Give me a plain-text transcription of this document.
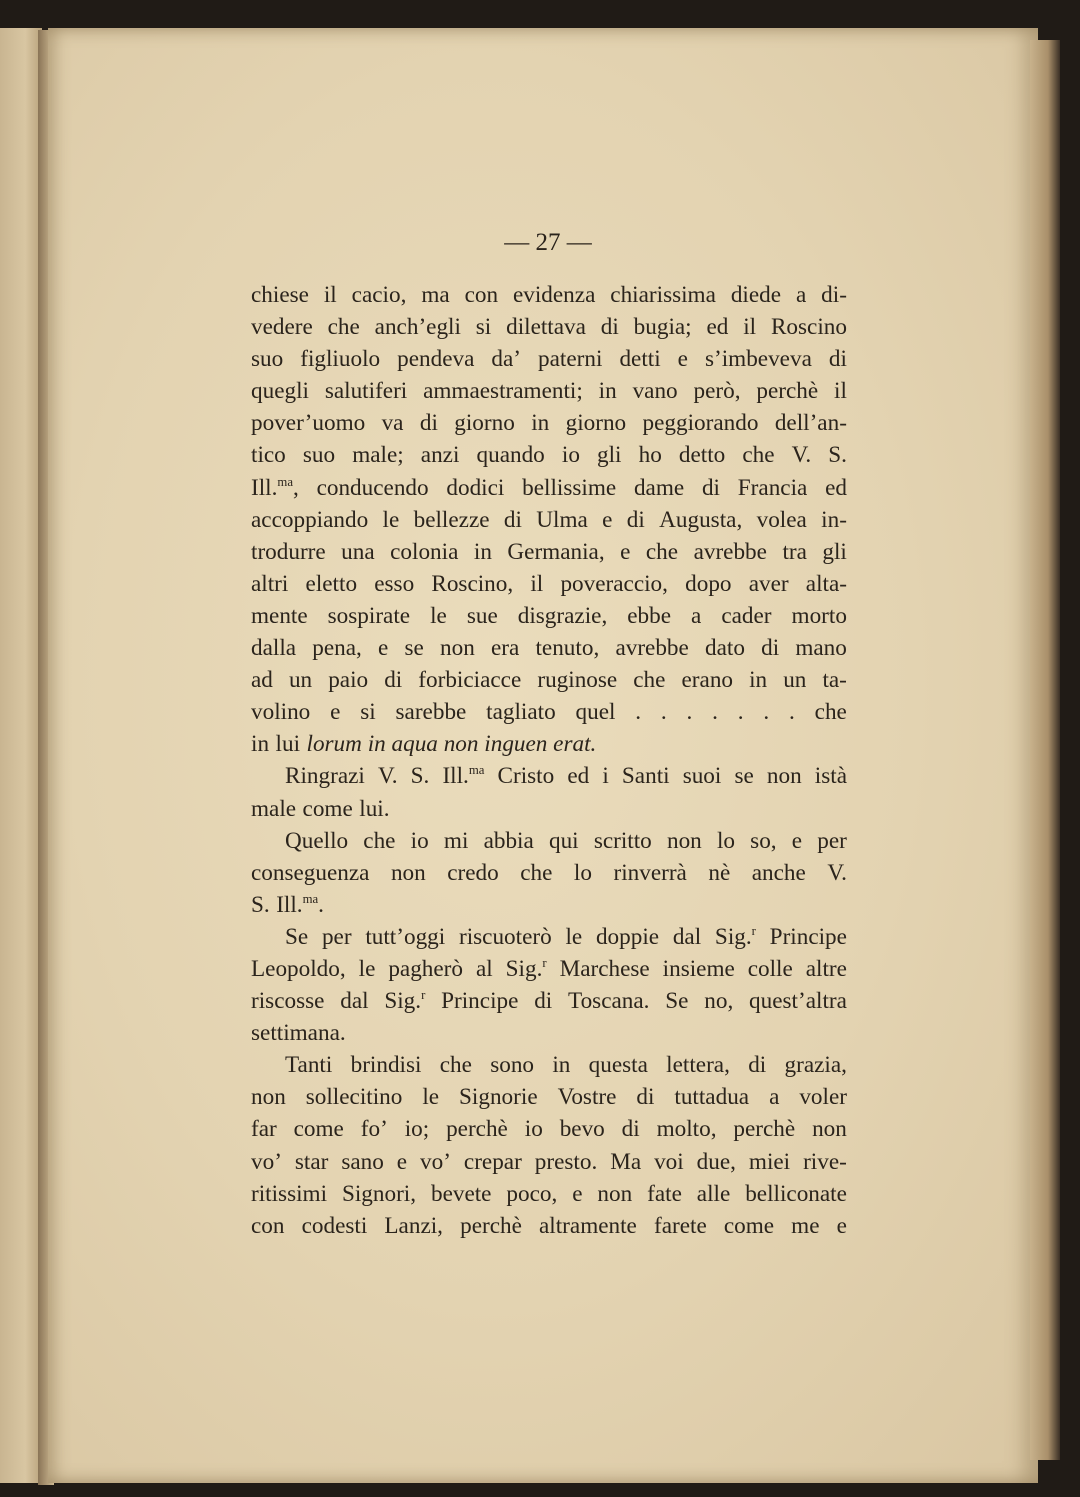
— 27 —
chiese il cacio, ma con evidenza chiarissima diede a di-
vedere che anch’egli si dilettava di bugia; ed il Roscino
suo figliuolo pendeva da’ paterni detti e s’imbeveva di
quegli salutiferi ammaestramenti; in vano però, perchè il
pover’uomo va di giorno in giorno peggiorando dell’an-
tico suo male; anzi quando io gli ho detto che V. S.
Ill.$^{ma}$, conducendo dodici bellissime dame di Francia ed
accoppiando le bellezze di Ulma e di Augusta, volea in-
trodurre una colonia in Germania, e che avrebbe tra gli
altri eletto esso Roscino, il poveraccio, dopo aver alta-
mente sospirate le sue disgrazie, ebbe a cader morto
dalla pena, e se non era tenuto, avrebbe dato di mano
ad un paio di forbiciacce ruginose che erano in un ta-
volino e si sarebbe tagliato quel . . . . . . . che
in lui lorum in aqua non inguen erat.
Ringrazi V. S. Ill.$^{ma}$ Cristo ed i Santi suoi se non istà
male come lui.
Quello che io mi abbia qui scritto non lo so, e per
conseguenza non credo che lo rinverrà nè anche V.
S. Ill.$^{ma}$.
Se per tutt’oggi riscuoterò le doppie dal Sig.$^r$ Principe
Leopoldo, le pagherò al Sig.$^r$ Marchese insieme colle altre
riscosse dal Sig.$^r$ Principe di Toscana. Se no, quest’altra
settimana.
Tanti brindisi che sono in questa lettera, di grazia,
non sollecitino le Signorie Vostre di tuttadua a voler
far come fo’ io; perchè io bevo di molto, perchè non
vo’ star sano e vo’ crepar presto. Ma voi due, miei rive-
ritissimi Signori, bevete poco, e non fate alle belliconate
con codesti Lanzi, perchè altramente farete come me e
